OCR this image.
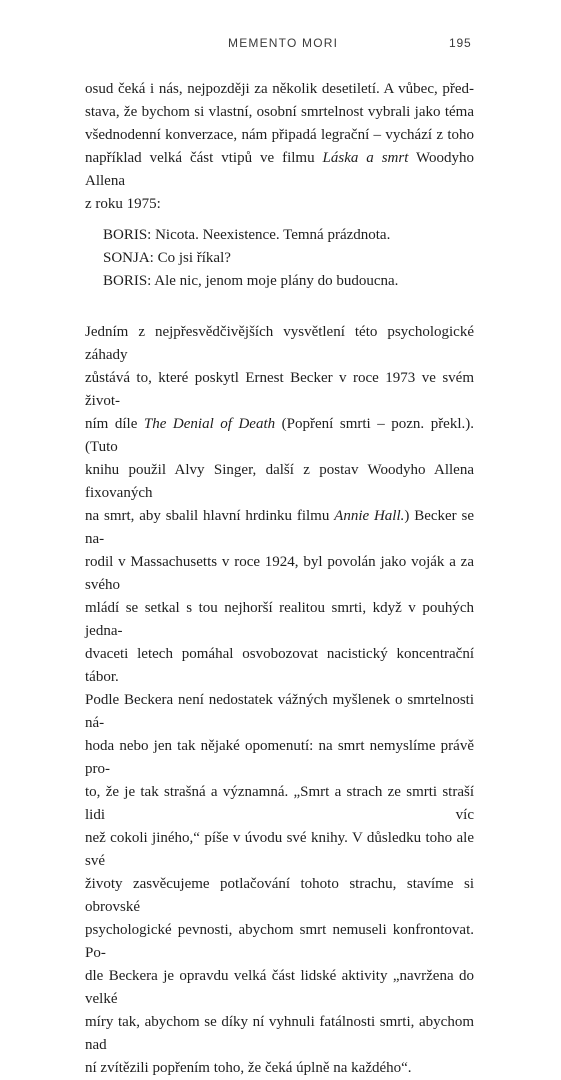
MEMENTO MORI	195

osud čeká i nás, nejpozději za několik desetiletí. A vůbec, před-
stava, že bychom si vlastní, osobní smrtelnost vybrali jako téma
všednodenní konverzace, nám připadá legrační – vychází z toho
například velká část vtipů ve filmu Láska a smrt Woodyho Allena
z roku 1975:

BORIS: Nicota. Neexistence. Temná prázdnota.
SONJA: Co jsi říkal?
BORIS: Ale nic, jenom moje plány do budoucna.

Jedním z nejpřesvědčivějších vysvětlení této psychologické záhady
zůstává to, které poskytl Ernest Becker v roce 1973 ve svém život-
ním díle The Denial of Death (Popření smrti – pozn. překl.). (Tuto
knihu použil Alvy Singer, další z postav Woodyho Allena fixovaných
na smrt, aby sbalil hlavní hrdinku filmu Annie Hall.) Becker se na-
rodil v Massachusetts v roce 1924, byl povolán jako voják a za svého
mládí se setkal s tou nejhorší realitou smrti, když v pouhých jedna-
dvaceti letech pomáhal osvobozovat nacistický koncentrační tábor.
Podle Beckera není nedostatek vážných myšlenek o smrtelnosti ná-
hoda nebo jen tak nějaké opomenutí: na smrt nemyslíme právě pro-
to, že je tak strašná a významná. „Smrt a strach ze smrti straší lidi víc
než cokoli jiného,“ píše v úvodu své knihy. V důsledku toho ale své
životy zasvěcujeme potlačování tohoto strachu, stavíme si obrovské
psychologické pevnosti, abychom smrt nemuseli konfrontovat. Po-
dle Beckera je opravdu velká část lidské aktivity „navržena do velké
míry tak, abychom se díky ní vyhnuli fatálnosti smrti, abychom nad
ní zvítězili popřením toho, že čeká úplně na každého“.
